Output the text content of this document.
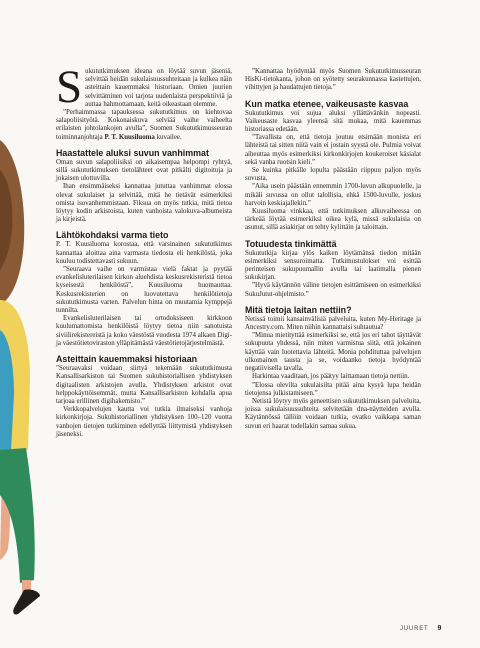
Sukututkimuksen ideana on löytää suvun jäseniä, selvittää heidän sukulaisuussuhteitaan ja kulkea näin asteittain kauemmaksi historiaan. Omien juurien selvittäminen voi tarjota uudenlaista perspektiiviä ja auttaa hahmottamaan, keitä oikeastaan olemme.

”Perhaimmassa tapauksessa sukututkimus on kiehtovaa salapoliisityötä. Kokonaiskuva selviää vaihe vaiheelta erilaisten johtolankojen avulla”, Suomen Sukututkimusseuran toiminnanjohtaja P. T. Kuusiluoma kuvailee.

Haastattele aluksi suvun vanhimmat

Oman suvun salapoliisiksi on aikaisempaa helpompi ryhtyä, sillä sukututkimuksen tietolähteet ovat pitkälti digitoituja ja jokaisen ulottuvilla.

Ihan ensimmäiseksi kannattaa jututtaa vanhimmat elossa olevat sukulaiset ja selvittää, mitä he tietävät esimerkiksi omista isovanhemmistaan. Fiksua on myös tutkia, mitä tietoa löytyy kodin arkistoista, kuten vanhoista valokuva-albumeista ja kirjeistä.

Lähtökohdaksi varma tieto

P. T. Kuusiluoma korostaa, että varsinainen sukututkimus kannattaa aloittaa aina varmasta tiedosta eli henkilöstä, joka kuuluu todistettavasti sukuun.

”Seuraava vaihe on varmistaa vielä faktat ja pyytää evankelisluterilaisen kirkon aluehdista keskusrekisteristä tietoa kyseisestä henkilöstä”, Kuusiluoma huomauttaa. Keskusrekisterien on luovutettava henkilötietoja sukututkimusta varten. Palvelun hinta on muutamia kymppejä tunnilta.

Evankelisluterilaisen tai ortodoksiseen kirkkoon kuulumattomista henkilöistä löytyy tietoa niin sanotuista siviilirekistereistä ja koko väestöstä vuodesta 1974 alkaen Digi- ja väestötietoviraston ylläpitämästä väestötietojärjestelmästä.

Asteittain kauemmaksi historiaan

”Seuraavaksi voidaan siirtyä tekemään sukututkimusta Kansallisarkiston tai Suomen sukuhistoriallisen yhdistyksen digitaalisten arkistojen avulla. Yhdistyksen arkistot ovat helppokäyttöisemmät, mutta Kansallisarkiston kohdalla apua tarjoaa erillinen digihakemisto.”

Verkkopalvelujen kautta voi tutkia ilmaiseksi vanhoja kirkonkirjoja. Sukuhistoriallinen yhdistyksen 100–120 vuotta vanhojen tietojen tutkiminen edellyttää liittymistä yhdistyksen jäseneksi.

”Kannattaa hyödyntää myös Suomen Sukututkimusseuran HisKi-tietokanta, johon on syötetty seurakunnassa kastettujen, vihittyjen ja haudattujen tietoja.”

Kun matka etenee, vaikeusaste kasvaa

Sukututkimus voi sujua aluksi yllättävänkin nopeasti. Vaikeusaste kasvaa yleensä sitä mukaa, mitä kauemmas historiassa edetään.

”Tavallista on, että tietoja joutuu etsimään monista eri lähteistä tai sitten niitä vain ei jostain syystä ole. Pulmia voivat aiheuttaa myös esimerkiksi kirkonkirjojen koukeroiset käsialat sekä vanha ruotsin kieli.”

Se kuinka pitkälle lopulta päästään riippuu paljon myös suvusta.

”Aika usein päästään ennemmin 1700-luvun alkupuolelle, ja mikäli suvussa on ollut talollisia, ehkä 1500-luvulle, joskus harvoin keskiajallekin.”

Kuusiluoma vinkkaa, että tutkimuksen alkuvaiheessa on tärkeää löytää esimerkiksi oikea kylä, missä sukulaisia on asunut, sillä asiakirjat on tehty kylittäin ja taloittain.

Totuudesta tinkimättä

Sukututkija kirjaa ylös kaiken löytämänsä tiedon mitään esimerkiksi sensuroimatta. Tutkimustulokset voi esittää perinteisen sukupuumallin avulla tai laatimalla pienen sukukirjan.

”Hyvä käytännön väline tietojen esittämiseen on esimerkiksi SukuJutut-ohjelmisto.”

Mitä tietoja laitan nettiin?

Netissä toimii kansainvälisiä palveluita, kuten My-Heritage ja Ancestry.com. Miten niihin kannattaisi suhtautua?

”Minua mietityttää esimerkiksi se, että jos eri tahot täyttävät sukupuuta yhdessä, niin miten varmistua siitä, että jokainen käyttää vain luotettavia lähteitä. Monia pohdituttaa palvelujen ulkomainen tausta ja se, voidaanko tietoja hyödyntää negatiivisella tavalla.

Harkintaa vaaditaan, jos päätyy laittamaan tietoja nettiin.

”Elossa olevilta sukulaisilta pitää aina kysyä lupa heidän tietojensa julkistamiseen.”

Netistä löytyy myös geneettisen sukututkimuksen palveluita, joissa sukulaisuussuhteita selvitetään dna-näytteiden avulla. Käytännössä tällöin voidaan tutkia, ovatko vaikkapa saman suvun eri haarat todellakin samaa sukua.

JUURET 9
